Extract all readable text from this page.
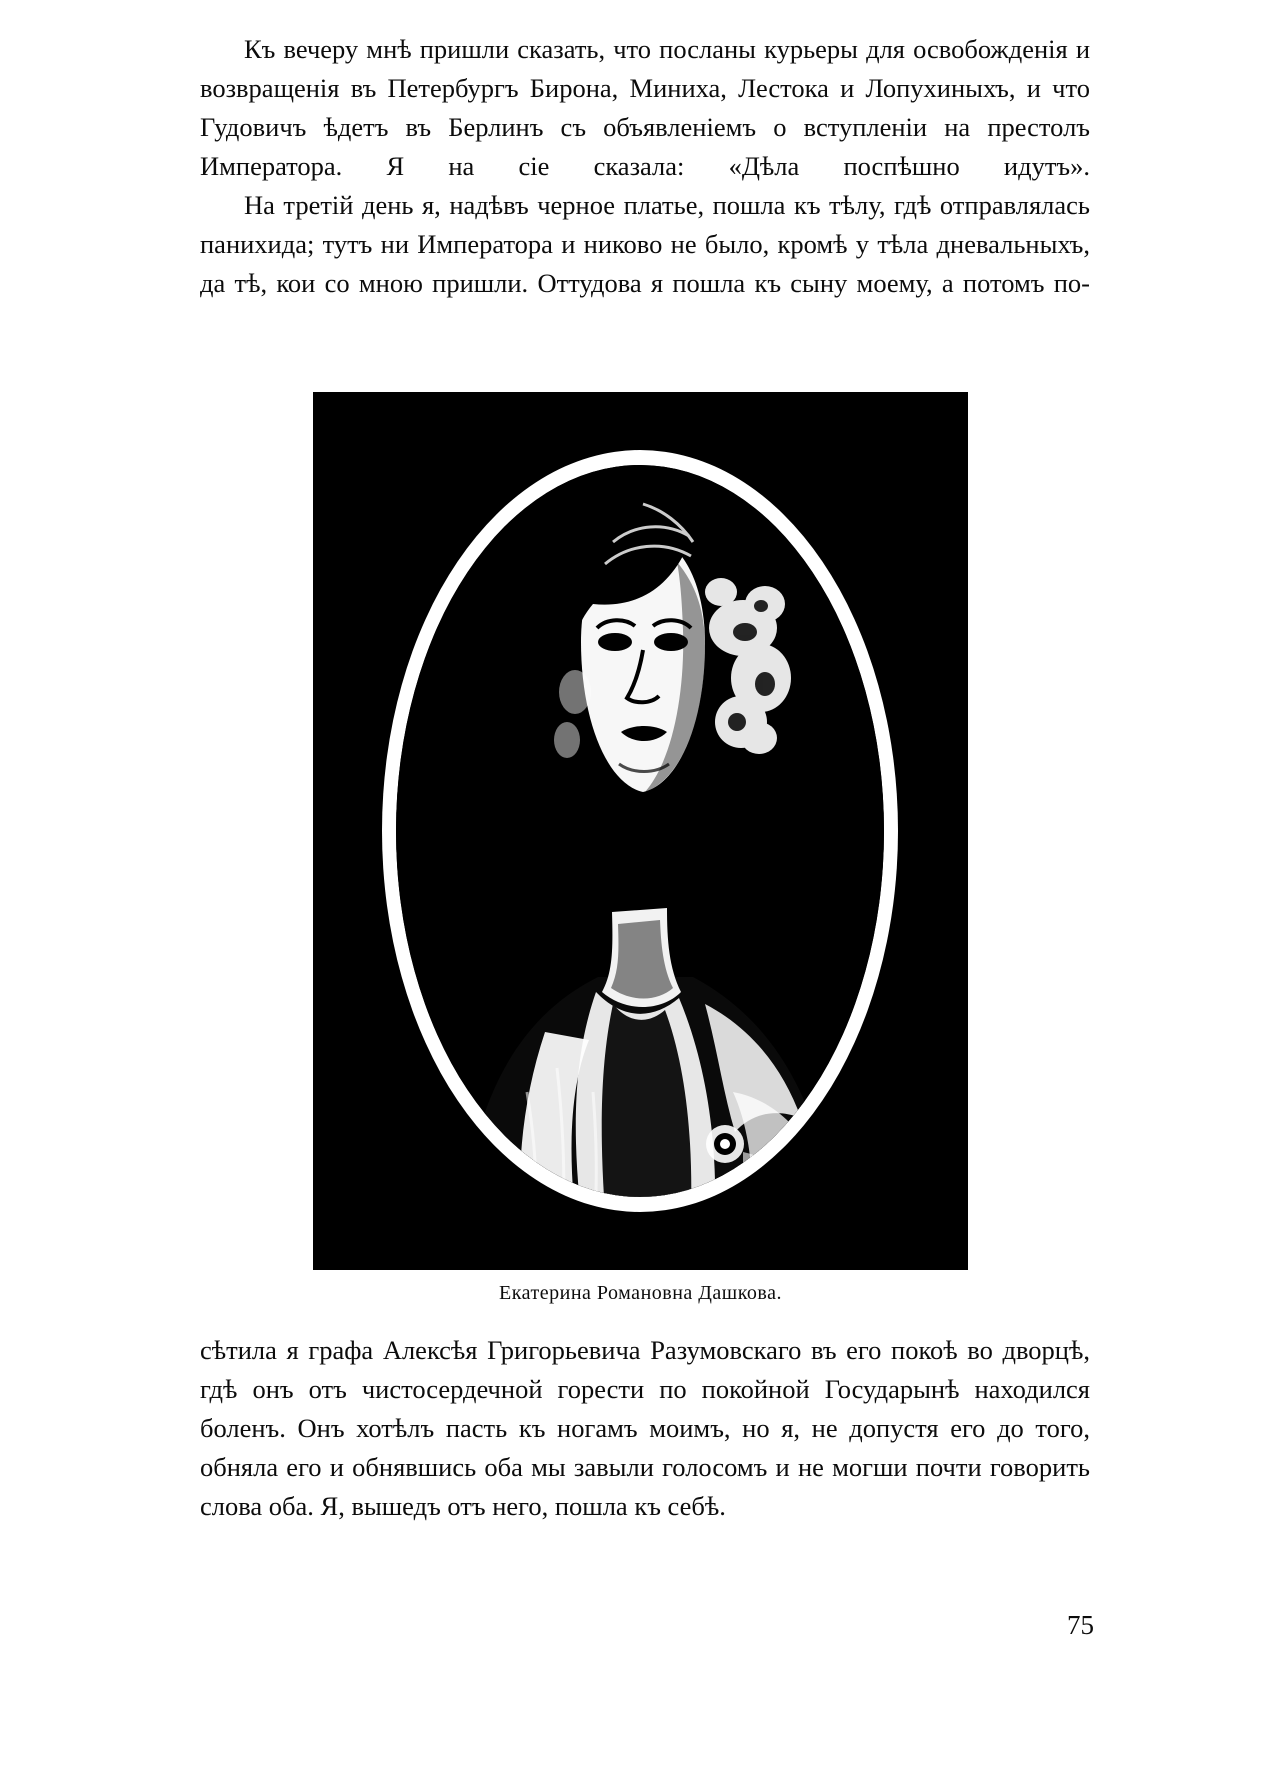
Къ вечеру мнѣ пришли сказать, что посланы курьеры для освобожденія и возвращенія въ Петербургъ Бирона, Миниха, Лестока и Лопухиныхъ, и что Гудовичъ ѣдетъ въ Берлинъ съ объявленіемъ о вступленіи на престолъ Императора. Я на сіе сказала: «Дѣла поспѣшно идутъ».

На третій день я, надѣвъ черное платье, пошла къ тѣлу, гдѣ отправлялась панихида; тутъ ни Императора и никово не было, кромѣ у тѣла дневальныхъ, да тѣ, кои со мною пришли. Оттудова я пошла къ сыну моему, а потомъ по-

Екатерина Романовна Дашкова.

сѣтила я графа Алексѣя Григорьевича Разумовскаго въ его покоѣ во дворцѣ, гдѣ онъ отъ чистосердечной горести по покойной Государынѣ находился боленъ. Онъ хотѣлъ пасть къ ногамъ моимъ, но я, не допустя его до того, обняла его и обнявшись оба мы завыли голосомъ и не могши почти говорить слова оба. Я, вышедъ отъ него, пошла къ себѣ.

75
